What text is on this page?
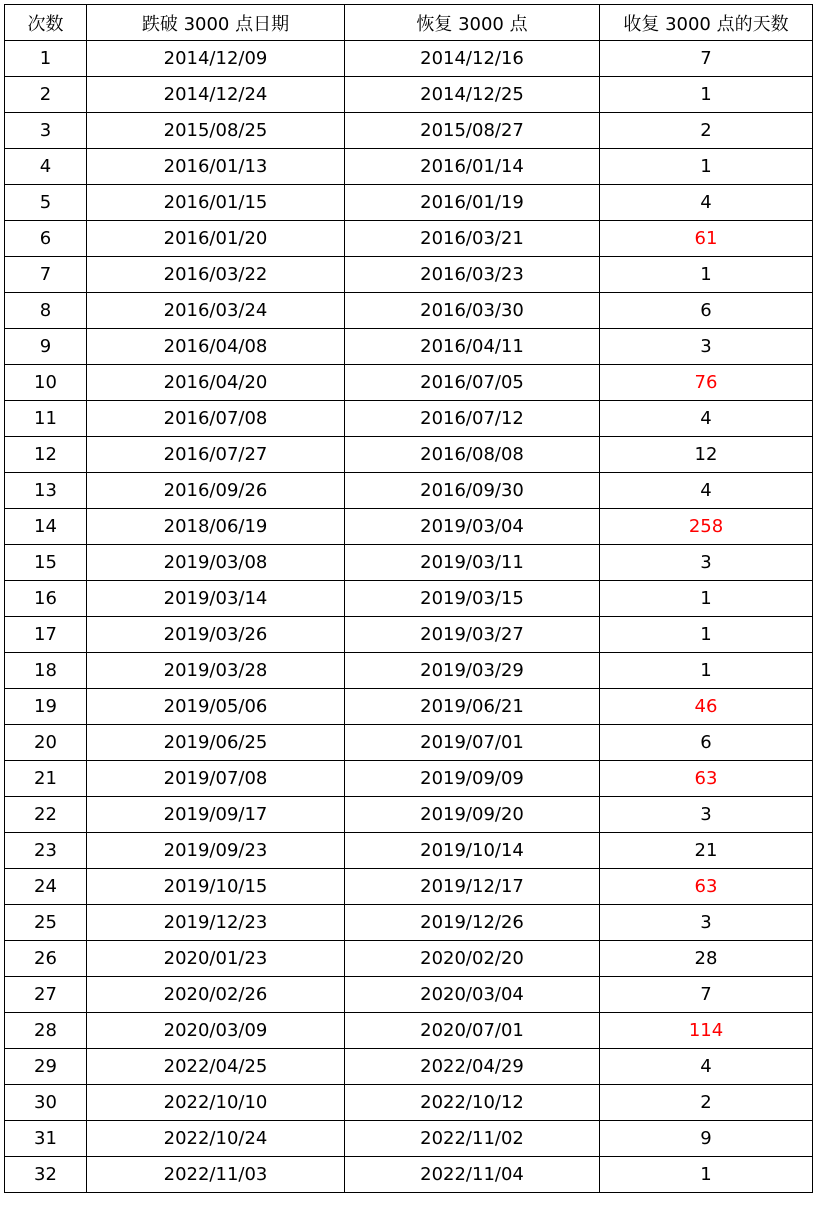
次数	跌破 3000 点日期	恢复 3000 点	收复 3000 点的天数
1	2014/12/09	2014/12/16	7
2	2014/12/24	2014/12/25	1
3	2015/08/25	2015/08/27	2
4	2016/01/13	2016/01/14	1
5	2016/01/15	2016/01/19	4
6	2016/01/20	2016/03/21	61
7	2016/03/22	2016/03/23	1
8	2016/03/24	2016/03/30	6
9	2016/04/08	2016/04/11	3
10	2016/04/20	2016/07/05	76
11	2016/07/08	2016/07/12	4
12	2016/07/27	2016/08/08	12
13	2016/09/26	2016/09/30	4
14	2018/06/19	2019/03/04	258
15	2019/03/08	2019/03/11	3
16	2019/03/14	2019/03/15	1
17	2019/03/26	2019/03/27	1
18	2019/03/28	2019/03/29	1
19	2019/05/06	2019/06/21	46
20	2019/06/25	2019/07/01	6
21	2019/07/08	2019/09/09	63
22	2019/09/17	2019/09/20	3
23	2019/09/23	2019/10/14	21
24	2019/10/15	2019/12/17	63
25	2019/12/23	2019/12/26	3
26	2020/01/23	2020/02/20	28
27	2020/02/26	2020/03/04	7
28	2020/03/09	2020/07/01	114
29	2022/04/25	2022/04/29	4
30	2022/10/10	2022/10/12	2
31	2022/10/24	2022/11/02	9
32	2022/11/03	2022/11/04	1
